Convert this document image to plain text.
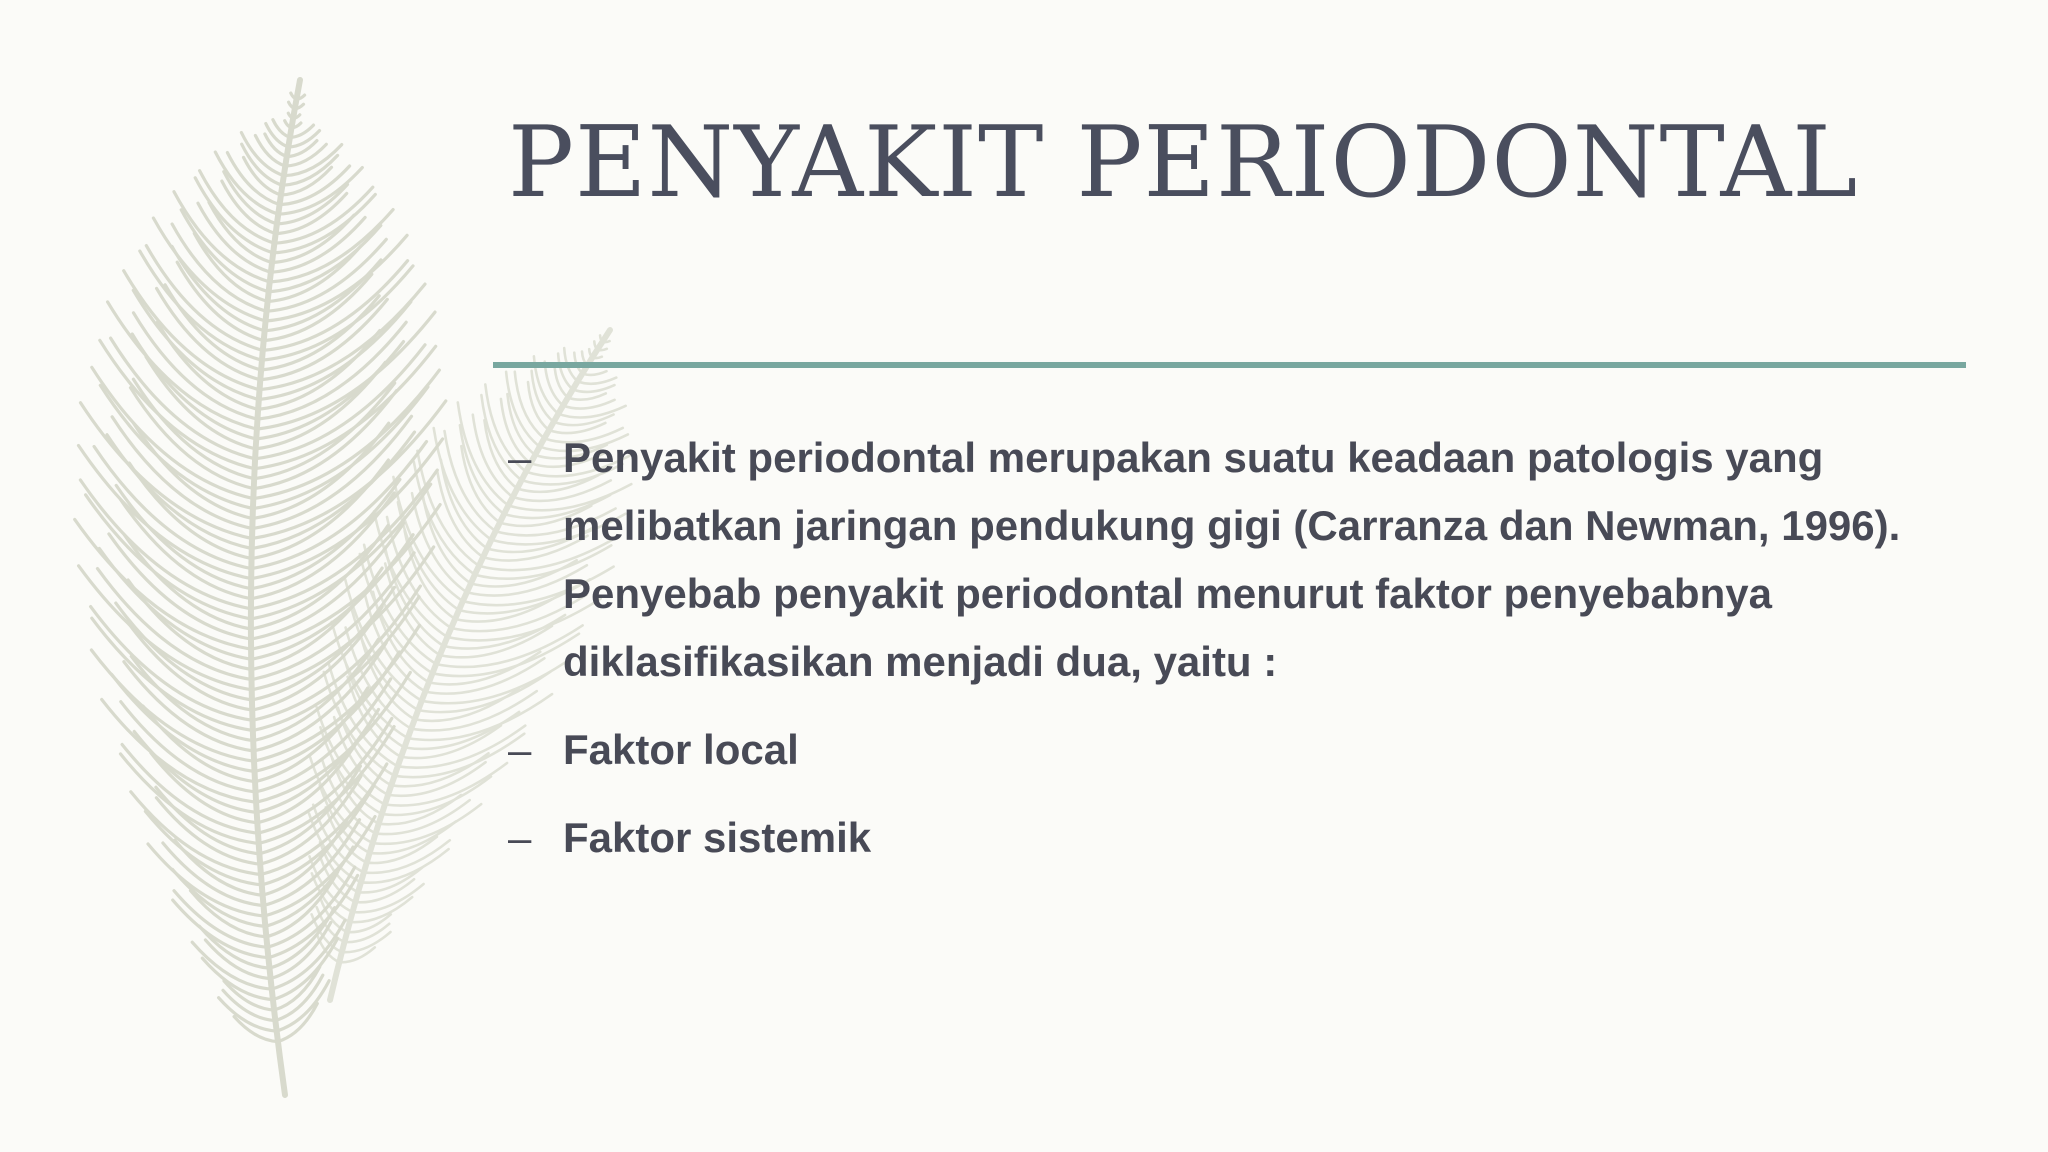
PENYAKIT PERIODONTAL
– Penyakit periodontal merupakan suatu keadaan patologis yang melibatkan jaringan pendukung gigi (Carranza dan Newman, 1996). Penyebab penyakit periodontal menurut faktor penyebabnya diklasifikasikan menjadi dua, yaitu :
– Faktor local
– Faktor sistemik
